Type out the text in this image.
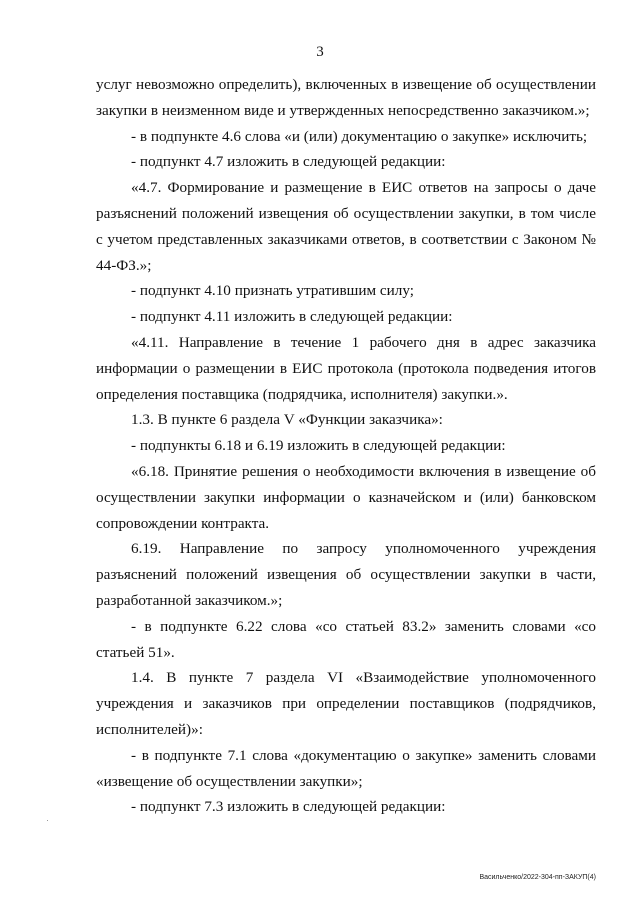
3

услуг невозможно определить), включенных в извещение об осуществлении закупки в неизменном виде и утвержденных непосредственно заказчиком.»;

- в подпункте 4.6 слова «и (или) документацию о закупке» исключить;

- подпункт 4.7 изложить в следующей редакции:

«4.7. Формирование и размещение в ЕИС ответов на запросы о даче разъяснений положений извещения об осуществлении закупки, в том числе с учетом представленных заказчиками ответов, в соответствии с Законом № 44-ФЗ.»;

- подпункт 4.10 признать утратившим силу;

- подпункт 4.11 изложить в следующей редакции:

«4.11. Направление в течение 1 рабочего дня в адрес заказчика информации о размещении в ЕИС протокола (протокола подведения итогов определения поставщика (подрядчика, исполнителя) закупки.».

1.3. В пункте 6 раздела V «Функции заказчика»:

- подпункты 6.18 и 6.19 изложить в следующей редакции:

«6.18. Принятие решения о необходимости включения в извещение об осуществлении закупки информации о казначейском и (или) банковском сопровождении контракта.

6.19. Направление по запросу уполномоченного учреждения разъяснений положений извещения об осуществлении закупки в части, разработанной заказчиком.»;

- в подпункте 6.22 слова «со статьей 83.2» заменить словами «со статьей 51».

1.4. В пункте 7 раздела VI «Взаимодействие уполномоченного учреждения и заказчиков при определении поставщиков (подрядчиков, исполнителей)»:

- в подпункте 7.1 слова «документацию о закупке» заменить словами «извещение об осуществлении закупки»;

- подпункт 7.3 изложить в следующей редакции:

Васильченко/2022-304-пп-ЗАКУП(4)
